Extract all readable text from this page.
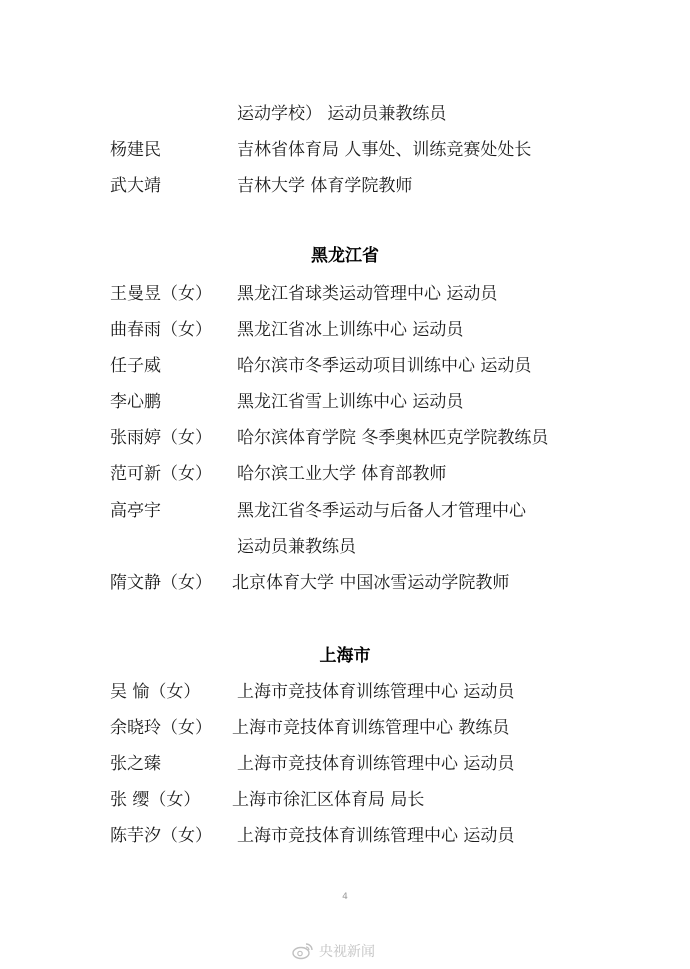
运动学校） 运动员兼教练员
杨建民	吉林省体育局 人事处、训练竞赛处处长
武大靖	吉林大学 体育学院教师
黑龙江省
王曼昱（女） 黑龙江省球类运动管理中心 运动员
曲春雨（女） 黑龙江省冰上训练中心 运动员
任子威	哈尔滨市冬季运动项目训练中心 运动员
李心鹏	黑龙江省雪上训练中心 运动员
张雨婷（女） 哈尔滨体育学院 冬季奥林匹克学院教练员
范可新（女） 哈尔滨工业大学 体育部教师
高亭宇	黑龙江省冬季运动与后备人才管理中心
运动员兼教练员
隋文静（女） 北京体育大学 中国冰雪运动学院教师
上海市
吴 愉（女） 上海市竞技体育训练管理中心 运动员
余晓玲（女） 上海市竞技体育训练管理中心 教练员
张之臻	上海市竞技体育训练管理中心 运动员
张 缨（女） 上海市徐汇区体育局 局长
陈芋汐（女） 上海市竞技体育训练管理中心 运动员
4
央视新闻
